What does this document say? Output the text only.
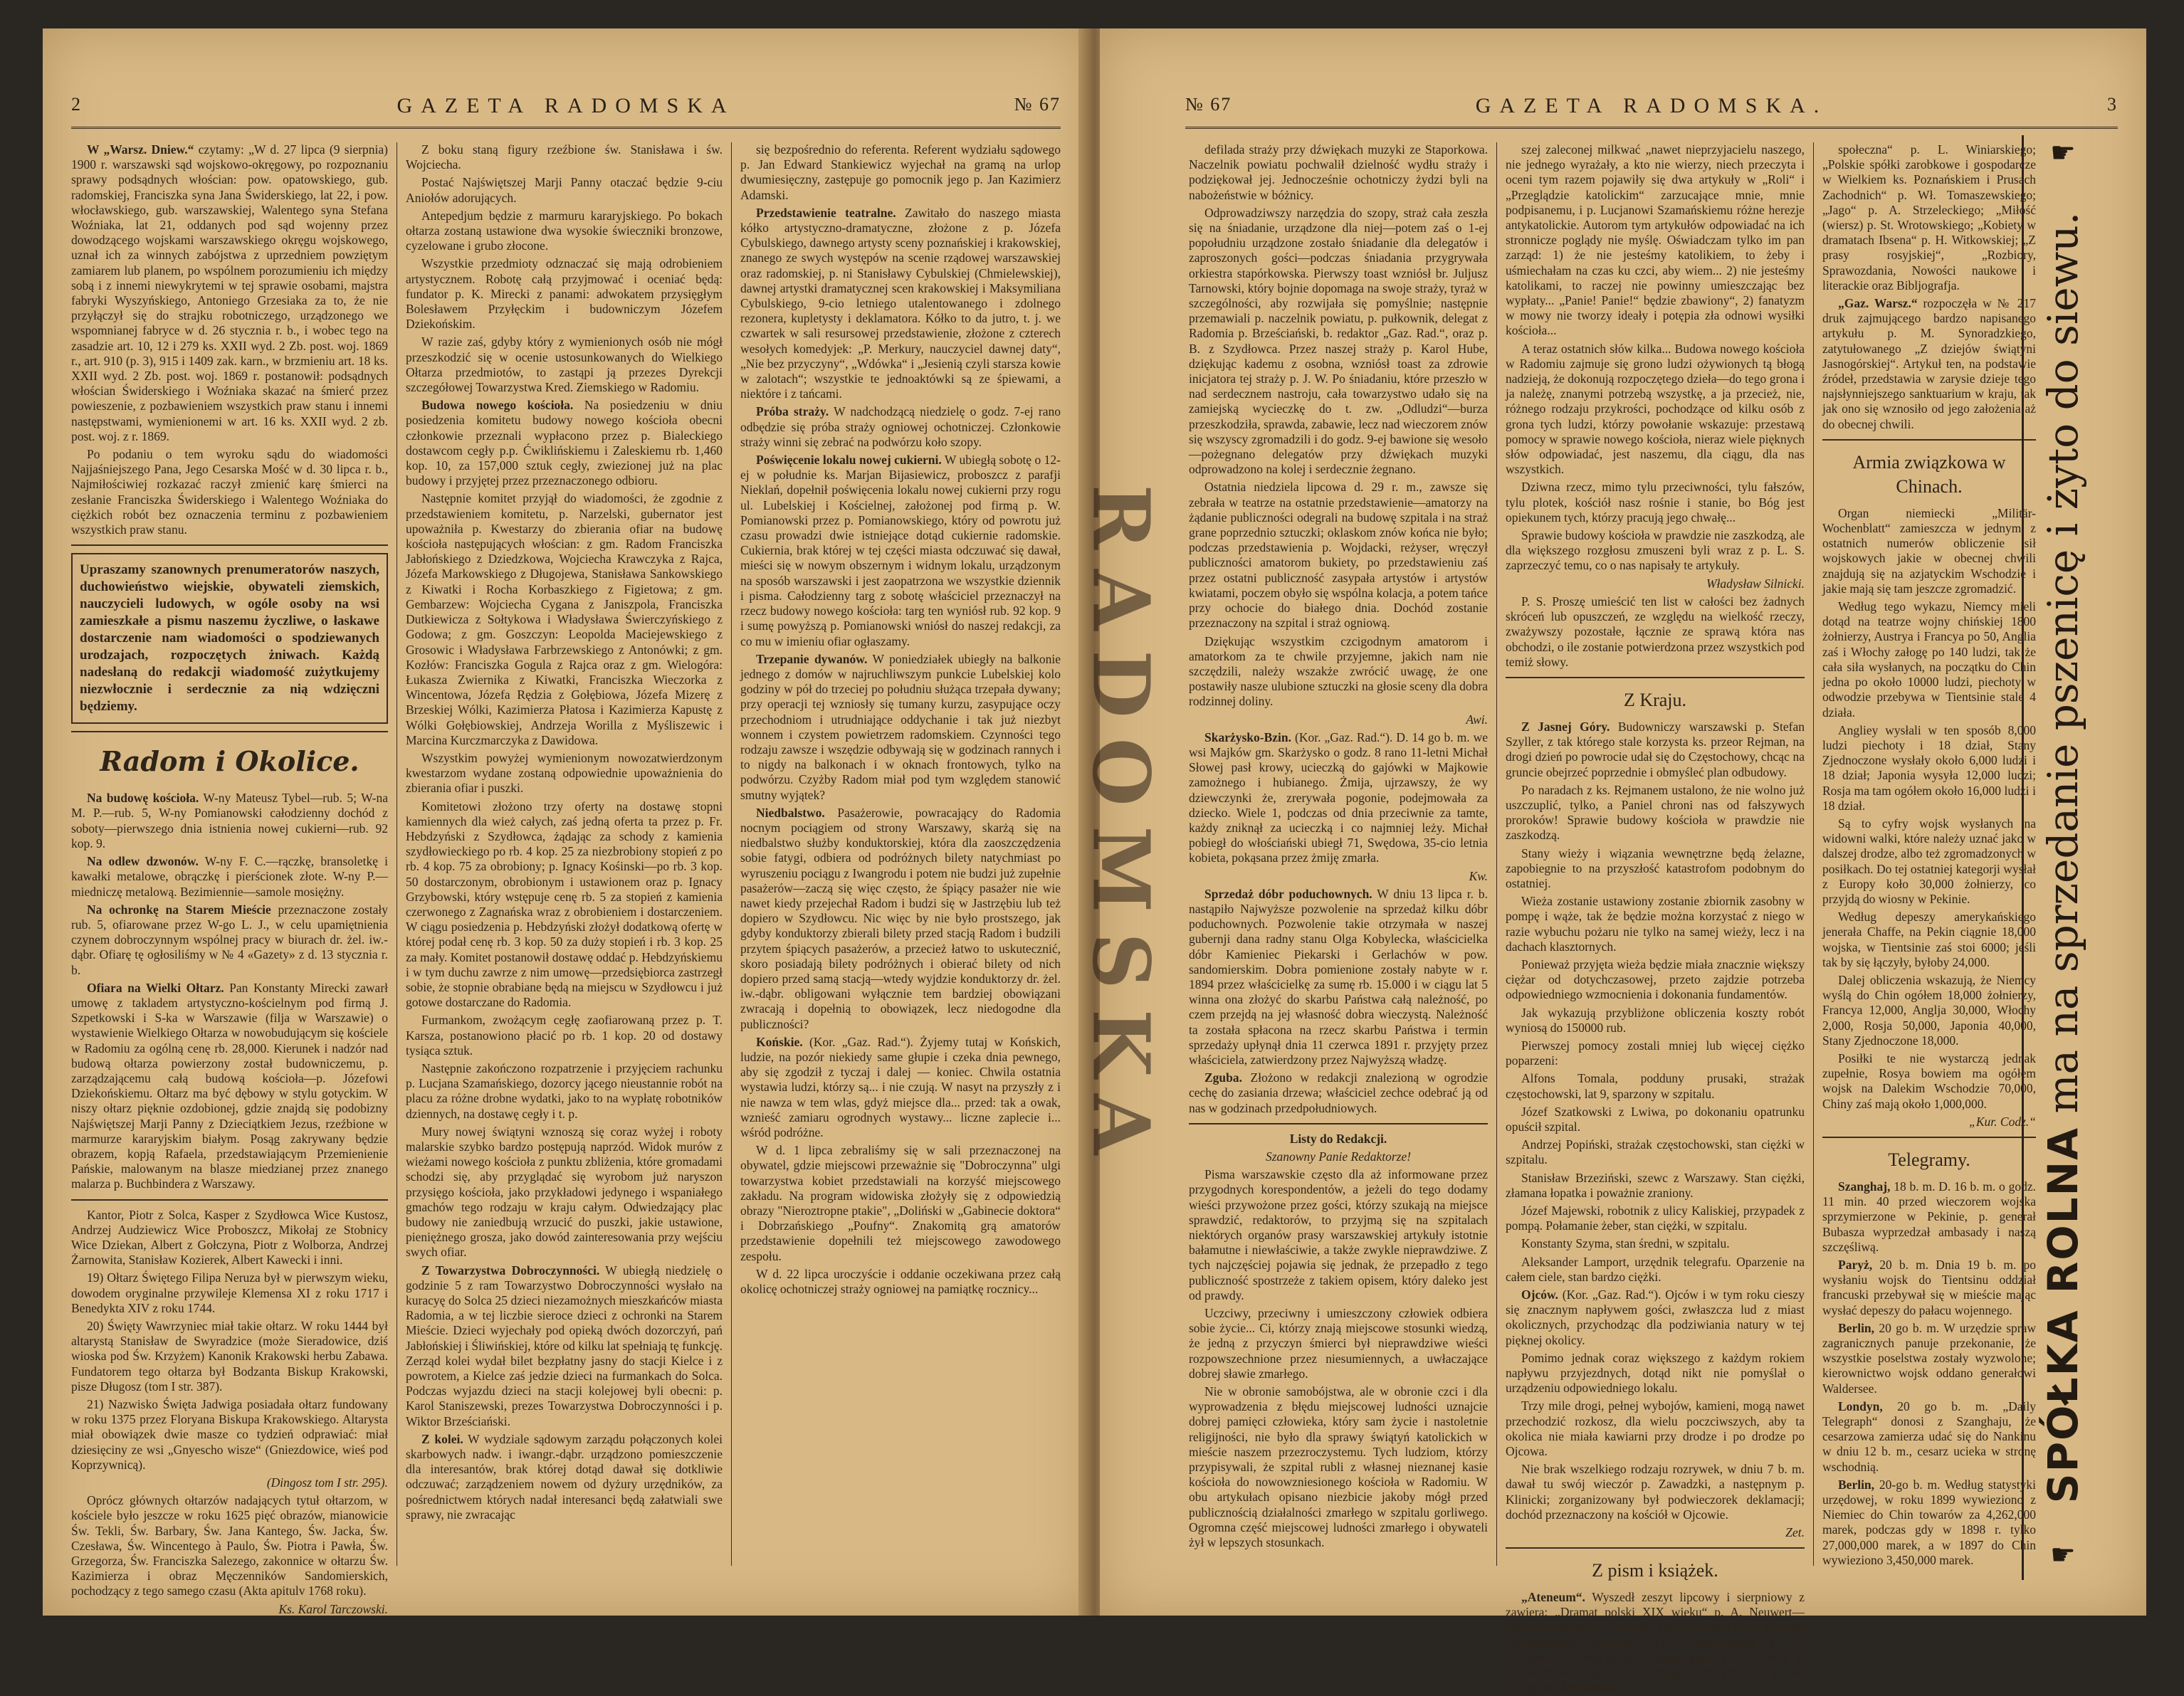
2	GAZETA RADOMSKA	№ 67

W „Warsz. Dniew.“ czytamy: „W d. 27 lipca (9 sierpnia) 1900 r. warszawski sąd wojskowo-okręgowy, po rozpoznaniu sprawy podsądnych włościan: pow. opatowskiego, gub. radomskiej, Franciszka syna Jana Świderskiego, lat 22, i pow. włocławskiego, gub. warszawskiej, Walentego syna Stefana Woźniaka, lat 21, oddanych pod sąd wojenny przez dowodzącego wojskami warszawskiego okręgu wojskowego, uznał ich za winnych zabójstwa z uprzedniem powziętym zamiarem lub planem, po wspólnem porozumieniu ich między sobą i z innemi niewykrytemi w tej sprawie osobami, majstra fabryki Wyszyńskiego, Antoniego Grzesiaka za to, że nie przyłączył się do strajku robotniczego, urządzonego we wspomnianej fabryce w d. 26 stycznia r. b., i wobec tego na zasadzie art. 10, 12 i 279 ks. XXII wyd. 2 Zb. post. woj. 1869 r., art. 910 (p. 3), 915 i 1409 zak. karn., w brzmieniu art. 18 ks. XXII wyd. 2 Zb. post. woj. 1869 r. postanowił: podsądnych włościan Świderskiego i Woźniaka skazać na śmierć przez powieszenie, z pozbawieniem wszystkich praw stanu i innemi następstwami, wymienionemi w art. 16 ks. XXII wyd. 2 zb. post. woj. z r. 1869.

Po podaniu o tem wyroku sądu do wiadomości Najjaśniejszego Pana, Jego Cesarska Mość w d. 30 lipca r. b., Najmiłościwiej rozkazać raczył zmienić karę śmierci na zesłanie Franciszka Świderskiego i Walentego Woźniaka do ciężkich robót bez oznaczenia terminu z pozbawieniem wszystkich praw stanu.

Upraszamy szanownych prenumeratorów naszych, duchowieństwo wiejskie, obywateli ziemskich, nauczycieli ludowych, w ogóle osoby na wsi zamieszkałe a pismu naszemu życzliwe, o łaskawe dostarczenie nam wiadomości o spodziewanych urodzajach, rozpoczętych żniwach. Każdą nadesłaną do redakcji wiadomość zużytkujemy niezwłocznie i serdecznie za nią wdzięczni będziemy.
Radom i Okolice.

Na budowę kościoła. W-ny Mateusz Tybel—rub. 5; W-na M. P.—rub. 5, W-ny Pomianowski całodzienny dochód z soboty—pierwszego dnia istnienia nowej cukierni—rub. 92 kop. 9.

Na odlew dzwonów. W-ny F. C.—rączkę, bransoletkę i kawałki metalowe, obrączkę i pierścionek złote. W-ny P.—miedniczę metalową. Bezimiennie—samole mosiężny.

Na ochronkę na Starem Mieście przeznaczone zostały rub. 5, ofiarowane przez W-go L. J., w celu upamiętnienia czynem dobroczynnym wspólnej pracy w biurach dr. żel. iw.-dąbr. Ofiarę tę ogłosiliśmy w № 4 «Gazety» z d. 13 stycznia r. b.

Ofiara na Wielki Ołtarz. Pan Konstanty Mirecki zawarł umowę z takladem artystyczno-kościelnym pod firmą J. Szpetkowski i S-ka w Warszawie (filja w Warszawie) o wystawienie Wielkiego Ołtarza w nowobudującym się kościele w Radomiu za ogólną cenę rb. 28,000. Kierunek i nadzór nad budową ołtarza powierzony został budowniczemu, p. zarządzającemu całą budową kościoła—p. Józefowi Dziekońskiemu. Ołtarz ma być dębowy w stylu gotyckim. W niszy ołtarz pięknie ozdobionej, gdzie znajdą się podobizny Najświętszej Marji Panny z Dzieciątkiem Jezus, rzeźbione w marmurze kararyjskim białym. Posąg zakrywany będzie obrazem, kopją Rafaela, przedstawiającym Przemienienie Pańskie, malowanym na blasze miedzianej przez znanego malarza p. Buchbindera z Warszawy.

Kantor, Piotr z Solca, Kasper z Szydłowca Wice Kustosz, Andrzej Audziewicz Wice Proboszcz, Mikołaj ze Stobnicy Wice Dziekan, Albert z Gołczyna, Piotr z Wolborza, Andrzej Żarnowita, Stanisław Kozierek, Albert Kawecki i inni.

19) Ołtarz Świętego Filipa Neruza był w pierwszym wieku, dowodem oryginalne przywileje Klemensa XI z roku 1717 i Benedykta XIV z roku 1744.

20) Święty Wawrzyniec miał takie ołtarz. W roku 1444 był altarystą Stanisław de Swyradzice (może Sieradowice, dziś wioska pod Św. Krzyżem) Kanonik Krakowski herbu Zabawa. Fundatorem tego ołtarza był Bodzanta Biskup Krakowski, pisze Długosz (tom I str. 387).

21) Nazwisko Święta Jadwiga posiadała ołtarz fundowany w roku 1375 przez Floryana Biskupa Krakowskiego. Altarysta miał obowiązek dwie masze co tydzień odprawiać: miał dziesięciny ze wsi „Gnyescho wisze“ (Gniezdowice, wieś pod Koprzywnicą).

(Dingosz tom I str. 295).

Oprócz głównych ołtarzów nadających tytuł ołtarzom, w kościele było jeszcze w roku 1625 pięć obrazów, mianowicie Św. Tekli, Św. Barbary, Św. Jana Kantego, Św. Jacka, Św. Czesława, Św. Wincentego à Paulo, Św. Piotra i Pawła, Św. Grzegorza, Św. Franciszka Salezego, zakonnice w ołtarzu Św. Kazimierza i obraz Męczenników Sandomierskich, pochodzący z tego samego czasu (Akta apitulv 1768 roku).

Ks. Karol Tarczowski.

Z boku staną figury rzeźbione św. Stanisława i św. Wojciecha.

Postać Najświętszej Marji Panny otaczać będzie 9-ciu Aniołów adorujących.

Antepedjum będzie z marmuru kararyjskiego. Po bokach ołtarza zostaną ustawione dwa wysokie świeczniki bronzowe, cyzelowane i grubo złocone.

Wszystkie przedmioty odznaczać się mają odrobieniem artystycznem. Robotę całą przyjmować i oceniać będą: fundator p. K. Mirecki z panami: adwokatem przysięgłym Bolesławem Przyłęckim i budowniczym Józefem Dziekońskim.

W razie zaś, gdyby który z wymienionych osób nie mógł przeszkodzić się w ocenie ustosunkowanych do Wielkiego Ołtarza przedmiotów, to zastąpi ją przezes Dyrekcji szczegółowej Towarzystwa Kred. Ziemskiego w Radomiu.

Budowa nowego kościoła. Na posiedzeniu w dniu posiedzenia komitetu budowy nowego kościoła obecni członkowie przeznali wypłacono przez p. Bialeckiego dostawcom cegły p.p. Ćwiklińskiemu i Zaleskiemu rb. 1,460 kop. 10, za 157,000 sztuk cegły, zwiezionej już na plac budowy i przyjętej przez przeznaczonego odbioru.

Następnie komitet przyjął do wiadomości, że zgodnie z przedstawieniem komitetu, p. Narzelski, gubernator jest upoważniła p. Kwestarzy do zbierania ofiar na budowę kościoła następujących włościan: z gm. Radom Franciszka Jabłońskiego z Dziedzkowa, Wojciecha Krawczyka z Rajca, Józefa Markowskiego z Długojewa, Stanisława Sankowskiego z Kiwatki i Rocha Korbaszkiego z Figietowa; z gm. Gembarzew: Wojciecha Cygana z Janiszpola, Franciszka Dutkiewicza z Sołtykowa i Władysława Świerczyńskiego z Godowa; z gm. Goszczyn: Leopolda Maciejewskiego z Grosowic i Władysława Farbrzewskiego z Antonówki; z gm. Kozłów: Franciszka Gogula z Rajca oraz z gm. Wielogóra: Łukasza Zwiernika z Kiwatki, Franciszka Wieczorka z Wincentowa, Józefa Rędzia z Gołębiowa, Józefa Mizerę z Brzeskiej Wólki, Kazimierza Płatosa i Kazimierza Kapustę z Wólki Gołębiowskiej, Andrzeja Worilla z Myśliszewic i Marcina Kurczmarczyka z Dawidowa.

Wszystkim powyżej wymienionym nowozatwierdzonym kwestarzom wydane zostaną odpowiednie upoważnienia do zbierania ofiar i puszki.

Komitetowi złożono trzy oferty na dostawę stopni kamiennych dla wież całych, zaś jedną oferta ta przez p. Fr. Hebdzyński z Szydłowca, żądając za schody z kamienia szydłowieckiego po rb. 4 kop. 25 za niezbrobiony stopień z po rb. 4 kop. 75 za obrobiony; p. Ignacy Kośinski—po rb. 3 kop. 50 dostarczonym, obrobionym i ustawionem oraz p. Ignacy Grzybowski, który wstępuje cenę rb. 5 za stopień z kamienia czerwonego z Zagnańska wraz z obrobieniem i dostarczeniem. W ciągu posiedzenia p. Hebdzyński złożył dodatkową ofertę w której podał cenę rb. 3 kop. 50 za duży stopień i rb. 3 kop. 25 za mały. Komitet postanowił dostawę oddać p. Hebdzyńskiemu i w tym duchu zawrze z nim umowę—przedsiębiorca zastrzegł sobie, że stopnie obrabiane będą na miejscu w Szydłowcu i już gotowe dostarczane do Radomia.

Furmankom, zwożącym cegłę zaofiarowaną przez p. T. Karsza, postanowiono płacić po rb. 1 kop. 20 od dostawy tysiąca sztuk.

Następnie zakończono rozpatrzenie i przyjęciem rachunku p. Lucjana Szamańskiego, dozorcy jącego nieustannie robót na placu za różne drobne wydatki, jako to na wypłatę robotników dziennych, na dostawę cegły i t. p.

Mury nowej świątyni wznoszą się coraz wyżej i roboty malarskie szybko bardzo postępują naprzód. Widok murów z wieżami nowego kościoła z punktu zbliżenia, które gromadami schodzi się, aby przyglądać się wyrobom już naryszon przysięgo kościoła, jako przykładowi jedynego i wspaniałego gmachów tego rodzaju w kraju całym. Odwiedzający plac budowy nie zaniedbują wrzucić do puszki, jakie ustawione, pieniężnego grosza, jako dowód zainteresowania przy wejściu swych ofiar.

Z Towarzystwa Dobroczynności. W ubiegłą niedzielę o godzinie 5 z ram Towarzystwo Dobroczynności wysłało na kuracyę do Solca 25 dzieci niezamożnych mieszkańców miasta Radomia, a w tej liczbie sieroce dzieci z ochronki na Starem Mieście. Dzieci wyjechały pod opieką dwóch dozorczyń, pań Jabłońskiej i Śliwińskiej, które od kilku lat spełniają tę funkcję. Zerząd kolei wydał bilet bezpłatny jasny do stacji Kielce i z powrotem, a Kielce zaś jedzie dzieci na furmankach do Solca. Podczas wyjazdu dzieci na stacji kolejowej byli obecni: p. Karol Staniszewski, prezes Towarzystwa Dobroczynności i p. Wiktor Brześciański.

Z kolei. W wydziale sądowym zarządu połączonych kolei skarbowych nadw. i iwangr.-dąbr. urządzono pomieszczenie dla interesantów, brak której dotąd dawał się dotkliwie odczuwać; zarządzeniem nowem od dyżury urzędników, za pośrednictwem których nadał interesanci będą załatwiali swe sprawy, nie zwracając

się bezpośrednio do referenta. Referent wydziału sądowego p. Jan Edward Stankiewicz wyjechał na gramą na urlop dwumiesięczny, zastępuje go pomocnik jego p. Jan Kazimierz Adamski.

Przedstawienie teatralne. Zawitało do naszego miasta kółko artystyczno-dramatyczne, złożone z p. Józefa Cybulskiego, dawnego artysty sceny poznańskiej i krakowskiej, znanego ze swych występów na scenie rządowej warszawskiej oraz radomskiej, p. ni Stanisławy Cybulskiej (Chmielewskiej), dawnej artystki dramatycznej scen krakowskiej i Maksymiliana Cybulskiego, 9-cio letniego utalentowanego i zdolnego rezonera, kupletysty i deklamatora. Kółko to da jutro, t. j. we czwartek w sali resursowej przedstawienie, złożone z czterech wesołych komedyjek: „P. Merkury, nauczyciel dawnej daty“, „Nie bez przyczyny“, „Wdówka“ i „Jesienią czyli starsza kowie w zalotach“; wszystkie te jednoaktówki są ze śpiewami, a niektóre i z tańcami.

Próba straży. W nadchodzącą niedzielę o godz. 7-ej rano odbędzie się próba straży ogniowej ochotniczej. Członkowie straży winni się zebrać na podwórzu koło szopy.

Poświęcenie lokalu nowej cukierni. W ubiegłą sobotę o 12-ej w południe ks. Marjan Bijasiewicz, proboszcz z parafji Nieklań, dopełnił poświęcenia lokalu nowej cukierni przy rogu ul. Lubelskiej i Kościelnej, założonej pod firmą p. W. Pomianowski przez p. Pomianowskiego, który od powrotu już czasu prowadzi dwie istniejące dotąd cukiernie radomskie. Cukiernia, brak której w tej części miasta odczuwać się dawał, mieści się w nowym obszernym i widnym lokalu, urządzonym na sposób warszawski i jest zaopatrzona we wszystkie dziennik i pisma. Całodzienny targ z sobotę właściciel przeznaczył na rzecz budowy nowego kościoła: targ ten wyniósł rub. 92 kop. 9 i sumę powyższą p. Pomianowski wniósł do naszej redakcji, za co mu w imieniu ofiar ogłaszamy.

Trzepanie dywanów. W poniedziałek ubiegły na balkonie jednego z domów w najruchliwszym punkcie Lubelskiej kolo godziny w pół do trzeciej po południu służąca trzepała dywany; przy operacji tej wzniosły się tumany kurzu, zasypujące oczy przechodniom i utrudniające oddychanie i tak już niezbyt wonnem i czystem powietrzem radomskiem. Czynności tego rodzaju zawsze i wszędzie odbywają się w godzinach rannych i to nigdy na balkonach i w oknach frontowych, tylko na podwórzu. Czyżby Radom miał pod tym względem stanowić smutny wyjątek?

Niedbalstwo. Pasażerowie, powracający do Radomia nocnym pociągiem od strony Warszawy, skarżą się na niedbalstwo służby konduktorskiej, która dla zaoszczędzenia sobie fatygi, odbiera od podróżnych bilety natychmiast po wyruszeniu pociągu z Iwangrodu i potem nie budzi już zupełnie pasażerów—zaczą się więc często, że śpiący pasażer nie wie nawet kiedy przejechał Radom i budzi się w Jastrzębiu lub też dopiero w Szydłowcu. Nic więc by nie było prostszego, jak gdyby konduktorzy zbierali bilety przed stacją Radom i budzili przytem śpiących pasażerów, a przecież łatwo to uskutecznić, skoro posiadają bilety podróżnych i obierać bilety od nich dopiero przed samą stacją—wtedy wyjdzie konduktorzy dr. żel. iw.-dąbr. obligowani wyłącznie tem bardziej obowiązani zwracają i dopełnią to obowiązek, lecz niedogodne dla publiczności?

Końskie. (Kor. „Gaz. Rad.“). Żyjemy tutaj w Końskich, ludzie, na pozór niekiedy same głupie i czeka dnia pewnego, aby się zgodził z tyczaj i dalej — koniec. Chwila ostatnia wystawia ludzi, którzy są... i nie czują. W nasyt na przyszły z i nie nawza w tem wlas, gdyż miejsce dla... przed: tak a owak, wznieść zamiaru ogrodnych wystawy... liczne zaplecie i... wśród podróżne.

W d. 1 lipca zebraliśmy się w sali przeznaczonej na obywatel, gdzie miejscowi przeważnie się "Dobroczynna" ulgi towarzystwa kobiet przedstawiali na korzyść miejscowego zakładu. Na program widowiska złożyły się z odpowiedzią obrazy "Nieroztropne ptakie", „Doliński w „Gabinecie doktora“ i Dobrzańskiego „Poufny“. Znakomitą grą amatorów przedstawienie dopełnili też miejscowego zawodowego zespołu.

W d. 22 lipca uroczyście i oddanie oczekiwana przez całą okolicę ochotniczej straży ogniowej na pamiątkę rocznicy...

№ 67	GAZETA RADOMSKA.	3

defilada straży przy dźwiękach muzyki ze Staporkowa. Naczelnik powiatu pochwalił dzielność wydłu straży i podziękował jej. Jednocześnie ochotniczy żydzi byli na nabożeństwie w bóżnicy.

Odprowadziwszy narzędzia do szopy, straż cała zeszła się na śniadanie, urządzone dla niej—potem zaś o 1-ej popołudniu urządzone zostało śniadanie dla delegatów i zaproszonych gości—podczas śniadania przygrywała orkiestra stapórkowska. Pierwszy toast wzniósł br. Juljusz Tarnowski, który bojnie dopomaga na swoje straży, tyraż w szczególności, aby rozwijała się pomyślnie; następnie przemawiali p. naczelnik powiatu, p. pułkownik, delegat z Radomia p. Brześciański, b. redaktor „Gaz. Rad.“, oraz p. B. z Szydłowca. Przez naszej straży p. Karol Hube, dziękując kademu z osobna, wzniósł toast za zdrowie inicjatora tej straży p. J. W. Po śniadaniu, które przeszło w nad serdecznem nastroju, cała towarzystwo udało się na zamiejską wycieczkę do t. zw. „Odludzi“—burza przeszkodziła, sprawda, zabawie, lecz nad wieczorem znów się wszyscy zgromadzili i do godz. 9-ej bawione się wesoło—pożegnano delegatów przy dźwiękach muzyki odprowadzono na kolej i serdecznie żegnano.

Ostatnia niedziela lipcowa d. 29 r. m., zawsze się zebrała w teatrze na ostatnie przedstawienie—amatorzy na żądanie publiczności odegrali na budowę szpitala i na straż grane poprzednio sztuczki; oklaskom znów końca nie było; podczas przedstawienia p. Wojdacki, reżyser, wręczył publiczności amatorom bukiety, po przedstawieniu zaś przez ostatni publiczność zasypała artystów i artystów kwiatami, poczem obyło się wspólna kolacja, a potem tańce przy ochocie do białego dnia. Dochód zostanie przeznaczony na szpital i straż ogniową.

Dziękując wszystkim czcigodnym amatorom i amatorkom za te chwile przyjemne, jakich nam nie szczędzili, należy wszakże zwrócić uwagę, że one postawiły nasze ulubione sztuczki na głosie sceny dla dobra rodzinnej doliny.

Awi.

Skarżysko-Bzin. (Kor. „Gaz. Rad.“). D. 14 go b. m. we wsi Majków gm. Skarżysko o godz. 8 rano 11-letni Michał Słowej pasł krowy, ucieczką do gajówki w Majkowie zamożnego i hubianego. Żmija, ujrzawszy, że wy dziewczynki że, zrerywała pogonie, podejmowała za dziecko. Wiele 1, podczas od dnia przeciwnie za tamte, każdy zniknął za ucieczką i co najmniej leży. Michał pobiegł do włościański ubiegł 71, Swędowa, 35-cio letnia kobieta, pokąsana przez żmiję zmarła.

Kw.

Sprzedaż dóbr poduchownych. W dniu 13 lipca r. b. nastąpiło Najwyższe pozwolenie na sprzedaż kilku dóbr poduchownych. Pozwolenie takie otrzymała w naszej gubernji dana radny stanu Olga Kobylecka, właścicielka dóbr Kamieniec Piekarski i Gerlachów w pow. sandomierskim. Dobra pomienione zostały nabyte w r. 1894 przez właścicielkę za sumę rb. 15.000 i w ciągu lat 5 winna ona złożyć do skarbu Państwa całą należność, po czem przejdą na jej własność dobra wieczystą. Należność ta została spłacona na rzecz skarbu Państwa i termin sprzedaży upłynął dnia 11 czerwca 1891 r. przyjęty przez właściciela, zatwierdzony przez Najwyższą władzę.

Zguba. Złożono w redakcji znalezioną w ogrodzie cechę do zasiania drzewa; właściciel zechce odebrać ją od nas w godzinach przedpołudniowych.

Listy do Redakcji.

Szanowny Panie Redaktorze!

Pisma warszawskie często dla aż informowane przez przygodnych korespondentów, a jeżeli do tego dodamy wieści przywożone przez gości, którzy szukają na miejsce sprawdzić, redaktorów, to przyjmą się na szpitalach niektórych organów prasy warszawskiej artykuły istotnie bałamutne i niewłaściwie, a także zwykle nieprawdziwe. Z tych najczęściej pojawia się jednak, że przepadło z tego publiczność spostrzeże z takiem opisem, który daleko jest od prawdy.

Uczciwy, przeciwny i umieszczony człowiek odbiera sobie życie... Ci, którzy znają miejscowe stosunki wiedzą, że jedną z przyczyn śmierci był nieprawdziwe wieści rozpowszechnione przez niesumiennych, a uwłaczające dobrej sławie zmarłego.

Nie w obronie samobójstwa, ale w obronie czci i dla wyprowadzenia z błędu miejscowej ludności uznajcie dobrej pamięci człowieka, który sam życie i nastoletnie religijności, nie było dla sprawy świątyń katolickich w mieście naszem przezroczystemu. Tych ludziom, którzy przypisywali, że szpital rubli z własnej nieznanej kasie kościoła do nowowzniesionego kościoła w Radomiu. W obu artykułach opisano niezbicie jakoby mógł przed publicznością działalności zmarłego w szpitalu gorliwego. Ogromna część miejscowej ludności zmarłego i obywateli żył w lepszych stosunkach.

szej zaleconej milkwać „nawet nieprzyjacielu naszego, nie jednego wyrażały, a kto nie wierzy, niech przeczyta i oceni tym razem pojawiły się dwa artykuły w „Roli“ i „Przeglądzie katolickim“ zarzucające mnie, mnie podpisanemu, i p. Lucjanowi Szamańskiemu różne herezje antykatolickie. Autorom tym artykułów odpowiadać na ich stronnicze poglądy nie myślę. Oświadczam tylko im pan zarząd: 1) że nie jesteśmy katolikiem, to żeby i uśmiechałam na czas ku czci, aby wiem... 2) nie jesteśmy katolikami, to raczej nie powinny umieszczając bez wypłaty... „Panie! Panie!“ będzie zbawiony“, 2) fanatyzm w mowy nie tworzy ideały i potępia zła odnowi wysiłki kościoła...

A teraz ostatnich słów kilka... Budowa nowego kościoła w Radomiu zajmuje się grono ludzi ożywionych tą błogą nadzieją, że dokonują rozpoczętego dzieła—do tego grona i ja należę, znanymi potrzebą wszystkę, a ja przecież, nie, różnego rodzaju przykrości, pochodzące od kilku osób z grona tych ludzi, którzy powołanie wskazuje: przestawą pomocy w sprawie nowego kościoła, nieraz wiele pięknych słów odpowiadać, jest naszemu, dla ciągu, dla nas wszystkich.

Dziwna rzecz, mimo tylu przeciwności, tylu fałszów, tylu plotek, kościół nasz rośnie i stanie, bo Bóg jest opiekunem tych, którzy pracują jego chwałę...

Sprawie budowy kościoła w prawdzie nie zaszkodzą, ale dla większego rozgłosu zmuszeni byli wraz z p. L. S. zaprzeczyć temu, co o nas napisały te artykuły.

Władysław Silnicki.

P. S. Proszę umieścić ten list w całości bez żadnych skróceń lub opuszczeń, ze względu na wielkość rzeczy, zważywszy pozostałe, łącznie ze sprawą która nas obchodzi, o ile zostanie potwierdzona przez wszystkich pod temiż słowy.

Z Kraju.

Z Jasnej Góry. Budowniczy warszawski p. Stefan Szyller, z tak którego stale korzysta ks. przeor Rejman, na drogi dzień po powrocie udał się do Częstochowy, chcąc na gruncie obejrzeć poprzednie i obmyśleć plan odbudowy.

Po naradach z ks. Rejmanem ustalono, że nie wolno już uszczuplić, tylko, a Paniel chroni nas od fałszywych proroków! Sprawie budowy kościoła w prawdzie nie zaszkodzą.

Stany wieży i wiązania wewnętrzne będą żelazne, zapobiegnie to na przyszłość katastrofom podobnym do ostatniej.

Wieża zostanie ustawiony zostanie zbiornik zasobny w pompę i wąże, tak że będzie można korzystać z niego w razie wybuchu pożaru nie tylko na samej wieży, lecz i na dachach klasztornych.

Ponieważ przyjęta wieża będzie miała znacznie większy ciężar od dotychczasowej, przeto zajdzie potrzeba odpowiedniego wzmocnienia i dokonania fundamentów.

Jak wykazują przybliżone obliczenia koszty robót wyniosą do 150000 rub.

Pierwszej pomocy zostali mniej lub więcej ciężko poparzeni:

Alfons Tomala, podduny prusaki, strażak częstochowski, lat 9, sparzony w szpitalu.

Józef Szatkowski z Lwiwa, po dokonaniu opatrunku opuścił szpital.

Andrzej Popiński, strażak częstochowski, stan ciężki w szpitalu.

Stanisław Brzeziński, szewc z Warszawy. Stan ciężki, złamana łopatka i poważnie zraniony.

Józef Majewski, robotnik z ulicy Kaliskiej, przypadek z pompą. Połamanie żeber, stan ciężki, w szpitalu.

Konstanty Szyma, stan średni, w szpitalu.

Aleksander Lamport, urzędnik telegrafu. Oparzenie na całem ciele, stan bardzo ciężki.

Ojców. (Kor. „Gaz. Rad.“). Ojców i w tym roku cieszy się znacznym napływem gości, zwłaszcza lud z miast okolicznych, przychodząc dla podziwiania natury w tej pięknej okolicy.

Pomimo jednak coraz większego z każdym rokiem napływu przyjezdnych, dotąd nikt nie pomyślał o urządzeniu odpowiedniego lokalu.

Trzy mile drogi, pełnej wybojów, kamieni, mogą nawet przechodzić rozkosz, dla wielu poczciwszych, aby ta okolica nie miała kawiarni przy drodze i po drodze po Ojcowa.

Nie brak wszelkiego rodzaju rozrywek, w dniu 7 b. m. dawał tu swój wieczór p. Zawadzki, a następnym p. Klinicki; zorganizowany był podwieczorek deklamacji; dochód przeznaczony na kościół w Ojcowie.

Zet.

Z pism i książek.

„Ateneum“. Wyszedł zeszyt lipcowy i sierpniowy z zawiera: „Dramat polski XIX wieku“ p. A. Neuwert—Nowaczyńskiego; „Poszedł zły“ (powieść) p. Sewera; „Współczesne przemysł“ M. Piotrowskiego, p. A. Kranshara; „Poezja polska z drugiej połowy XIX wieku“ p. K. Włostowskiego; „Z Antologii Palatyńskiej“ p. W. Klingera; „Mechanika

społeczna“ p. L. Winiarskiego; „Polskie spółki zarobkowe i gospodarcze w Wielkiem ks. Poznańskiem i Prusach Zachodnich“ p. Wł. Tomaszewskiego; „Jago“ p. A. Strzeleckiego; „Miłość (wiersz) p. St. Wrotowskiego; „Kobiety w dramatach Ibsena“ p. H. Witkowskiej; „Z prasy rosyjskiej“, „Rozbiory, Sprawozdania, Nowości naukowe i literackie oraz Bibljografja.

„Gaz. Warsz.“ rozpoczęła w № 217 druk zajmującego bardzo napisanego artykułu p. M. Synoradzkiego, zatytułowanego „Z dziejów świątyni Jasnogórskiej“. Artykuł ten, na podstawie źródeł, przedstawia w zarysie dzieje tego najsłynniejszego sanktuarium w kraju, tak jak ono się wznosiło od jego założenia aż do obecnej chwili.

Armia związkowa w Chinach.

Organ niemiecki „Militär-Wochenblatt“ zamieszcza w jednym z ostatnich numerów obliczenie sił wojskowych jakie w obecnej chwili znajdują się na azjatyckim Wschodzie i jakie mają się tam jeszcze zgromadzić.

Według tego wykazu, Niemcy mieli dotąd na teatrze wojny chińskiej 1800 żołnierzy, Austrya i Francya po 50, Anglia zaś i Włochy załogę po 140 ludzi, tak że cała siła wysłanych, na początku do Chin jedna po około 10000 ludzi, piechoty w odwodzie przebywa w Tientsinie stale 4 działa.

Angliey wysłali w ten sposób 8,000 ludzi piechoty i 18 dział, Stany Zjednoczone wysłały około 6,000 ludzi i 18 dział; Japonia wysyła 12,000 ludzi; Rosja ma tam ogółem około 16,000 ludzi i 18 dział.

Są to cyfry wojsk wysłanych na widowni walki, które należy uznać jako w dalszej drodze, albo też zgromadzonych w posiłkach. Do tej ostatniej kategorji wysłał z Europy koło 30,000 żołnierzy, co przyjdą do wiosny w Pekinie.

Według depeszy amerykańskiego jenerała Chaffe, na Pekin ciągnie 18,000 wojska, w Tientsinie zaś stoi 6000; jeśli tak by się łączyły, byłoby 24,000.

Dalej obliczenia wskazują, że Niemcy wyślą do Chin ogółem 18,000 żołnierzy, Francya 12,000, Anglja 30,000, Włochy 2,000, Rosja 50,000, Japonia 40,000, Stany Zjednoczone 18,000.

Posiłki te nie wystarczą jednak zupełnie, Rosya bowiem ma ogółem wojsk na Dalekim Wschodzie 70,000, Chiny zaś mają około 1,000,000.

„Kur. Codz.“

Telegramy.

Szanghaj, 18 b. m. D. 16 b. m. o godz. 11 min. 40 przed wieczorem wojska sprzymierzone w Pekinie, p. generał Bubasza wyprzedzał ambasady i naszą szczęśliwą.

Paryż, 20 b. m. Dnia 19 b. m. po wysłaniu wojsk do Tientsinu oddział francuski przebywał się w mieście mając wysłać depeszy do pałacu wojennego.

Berlin, 20 go b. m. W urzędzie spraw zagranicznych panuje przekonanie, że wszystkie poselstwa zostały wyzwolone; kierownictwo wojsk oddano generałowi Waldersee.

Londyn, 20 go b. m. „Daily Telegraph“ donosi z Szanghaju, że cesarzowa zamierza udać się do Nankinu w dniu 12 b. m., cesarz ucieka w stronę wschodnią.

Berlin, 20-go b. m. Według statystyki urzędowej, w roku 1899 wywieziono z Niemiec do Chin towarów za 4,262,000 marek, podczas gdy w 1898 r. tylko 27,000,000 marek, a w 1897 do Chin wywieziono 3,450,000 marek.

SPÓŁKA ROLNA ma na sprzedanie pszenicę i żyto do siewu.
☛
☛
RADOMSKA
